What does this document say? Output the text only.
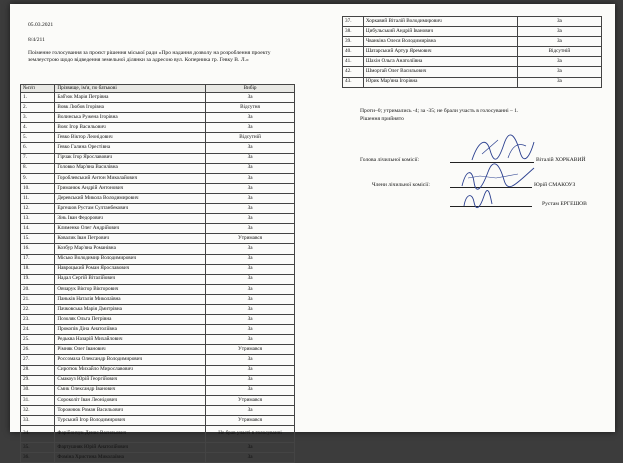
05.03.2021
8/4/211
Поіменне голосування за проєкт рішення міської ради «Про надання дозволу на розроблення проекту землеустрою щодо відведення земельної ділянки за адресою вул. Коперника гр. Гевку В. Л.»
№п/п	Прізвище, ім'я, по батькові	Вибір
1.	Баб'юк Марія Петрівна	За
2.	Вовк Любов Ігорівна	Відсутня
3.	Волинська Руженa Ігорівна	За
4.	Вояс Ігор Васильович	За
5.	Гевко Віктор Леонідович	Відсутній
6.	Гевко Галина Орестівна	За
7.	Гірчак Ігор Ярославович	За
8.	Головко Мар'яна Василівна	За
9.	Гороблевський Антон Миколайович	За
10.	Гриманюк Андрій Антонович	За
11.	Деревський Микола Володимирович	За
12.	Ергешов Рустам Султанбекович	За
13.	Зінь Іван Федорович	За
14.	Клименко Олег Андрійович	За
15.	Ковалик Іван Петрович	Утримався
16.	Козбур Мар'яна Романівна	За
17.	Місько Володимир Володимирович	За
18.	Наврoцький Роман Ярославович	За
19.	Надал Сергій Віталійович	За
20.	Овчарук Віктор Вікторович	За
21.	Паньків Наталія Миколаївна	За
22.	Пачковська Марія Дмитрівна	За
23.	Позоляк Ольга Петрівна	За
24.	Прокопів Діна Анатоліївна	За
25.	Редьква Назарій Михайлович	За
26.	Рімняк Олег Іванович	Утримався
27.	Россомаха Олександр Володимирович	За
28.	Сиротюк Михайло Мирославович	За
29.	Смакоуз Юрій Георгійович	За
30.	Смик Олександр Іванович	За
31.	Сороколіт Іван Леонідович	Утримався
32.	Торожнюк Роман Васильович	За
33.	Турський Ігор Володимирович	Утримався
34.	Фарійончук Денис Васильович	Не брав участі в голосуванні
35.	Фартушняк Юрій Анатолійович	За
36.	Фоміна Христина Миколаївна	За
37.	Хоркавий Віталій Володимирович	За
38.	Цибульський Андрій Іванович	За
39.	Чванкіна Олеся Володимирівна	За
40.	Шатарський Артур Яремович	Відсутній
41.	Шахін Ольга Анатоліївна	За
42.	Шморгай Олег Васильович	За
43.	Юрик Мар'яна Ігорівна	За
Проти–0; утримались -4; за -35; не брали участь в голосуванні – 1.
Рішення прийнято
Голова лічильної комісії:	Віталій ХОРКАВИЙ
Члени лічильної комісії:	Юрій СМАКОУЗ
Рустам ЕРГЕШОВ
